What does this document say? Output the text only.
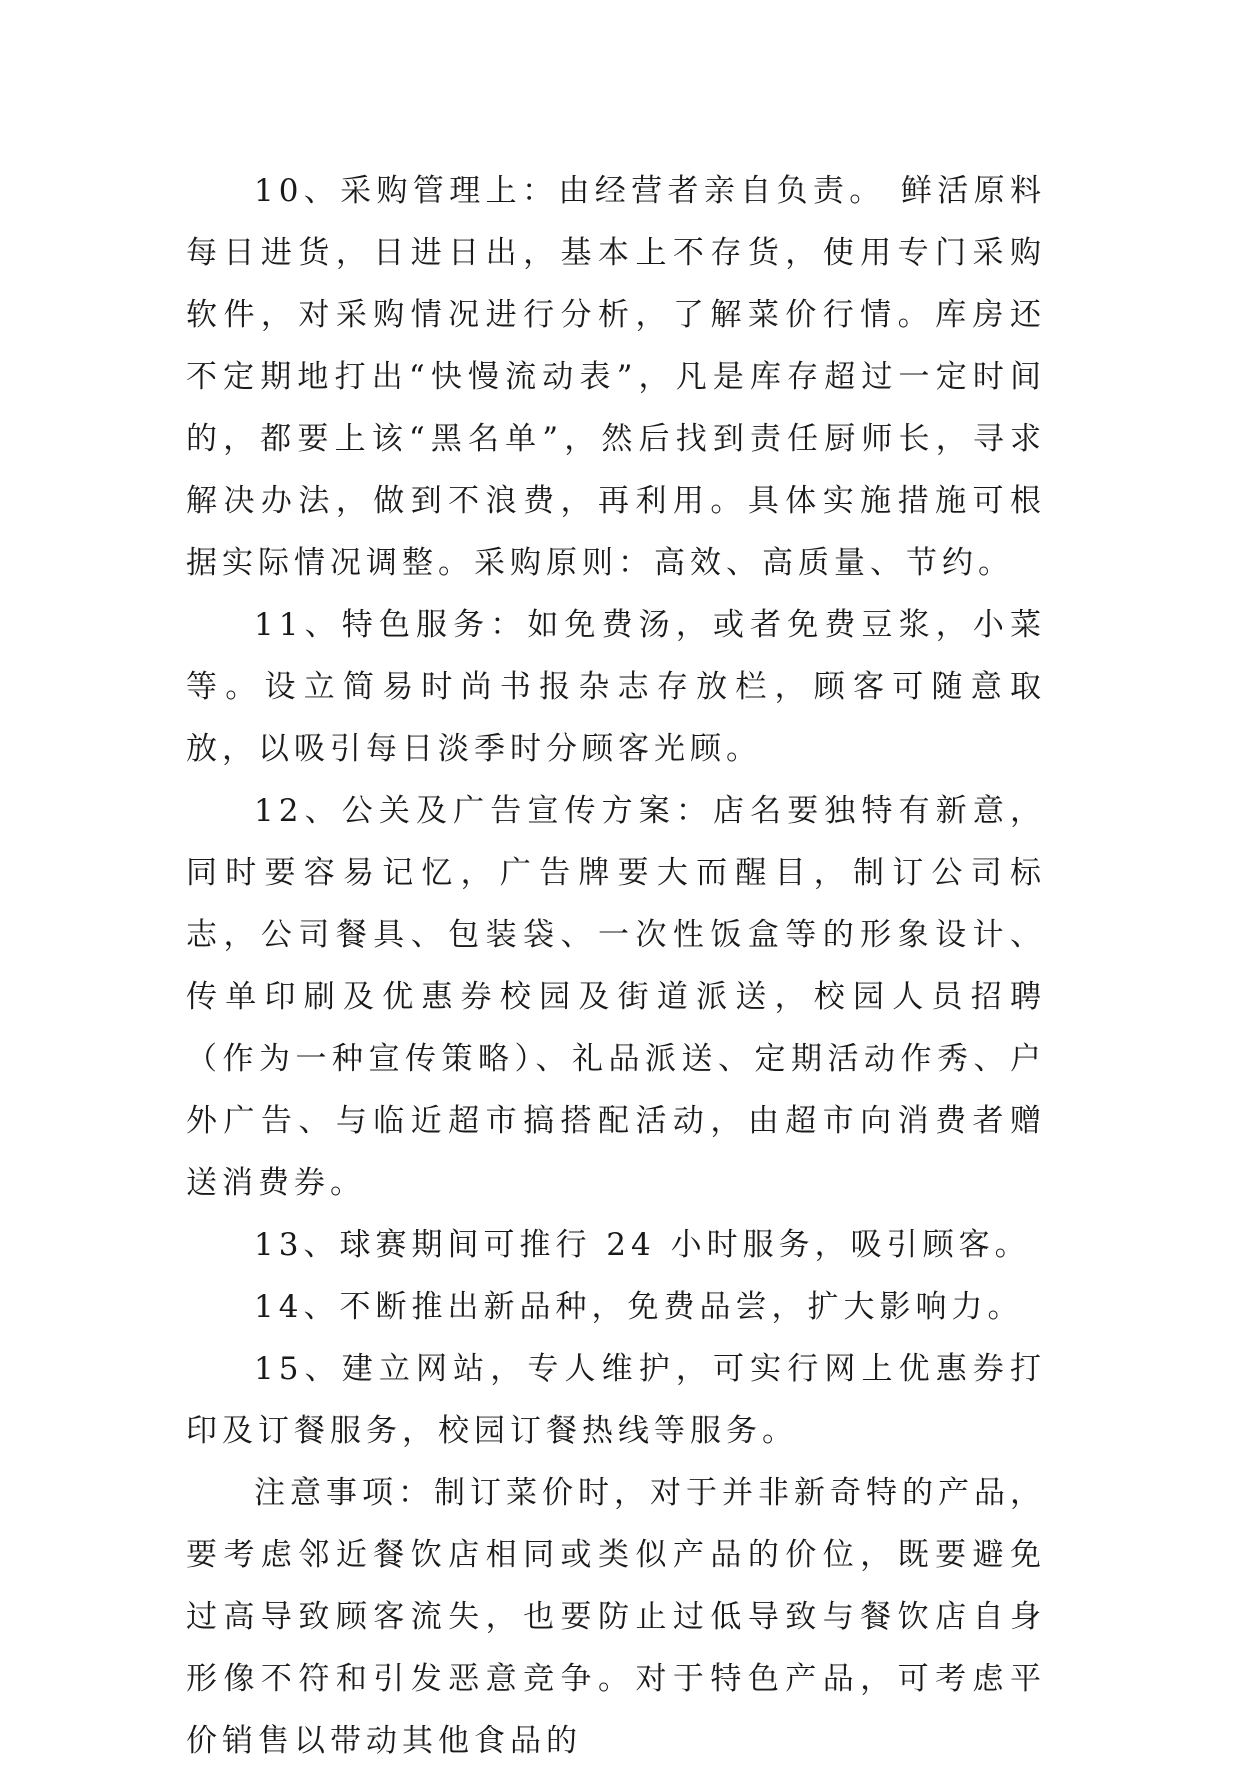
10、采购管理上：由经营者亲自负责。 鲜活原料每日进货，日进日出，基本上不存货，使用专门采购软件，对采购情况进行分析，了解菜价行情。库房还不定期地打出“快慢流动表”，凡是库存超过一定时间的，都要上该“黑名单”，然后找到责任厨师长，寻求解决办法，做到不浪费，再利用。具体实施措施可根据实际情况调整。采购原则：高效、高质量、节约。

11、特色服务：如免费汤，或者免费豆浆，小菜等。设立简易时尚书报杂志存放栏，顾客可随意取放，以吸引每日淡季时分顾客光顾。

12、公关及广告宣传方案：店名要独特有新意，同时要容易记忆，广告牌要大而醒目，制订公司标志，公司餐具、包装袋、一次性饭盒等的形象设计、传单印刷及优惠券校园及街道派送，校园人员招聘（作为一种宣传策略）、礼品派送、定期活动作秀、户外广告、与临近超市搞搭配活动，由超市向消费者赠送消费券。

13、球赛期间可推行 24 小时服务，吸引顾客。

14、不断推出新品种，免费品尝，扩大影响力。

15、建立网站，专人维护，可实行网上优惠券打印及订餐服务，校园订餐热线等服务。

注意事项：制订菜价时，对于并非新奇特的产品，要考虑邻近餐饮店相同或类似产品的价位，既要避免过高导致顾客流失，也要防止过低导致与餐饮店自身形像不符和引发恶意竞争。对于特色产品，可考虑平价销售以带动其他食品的
